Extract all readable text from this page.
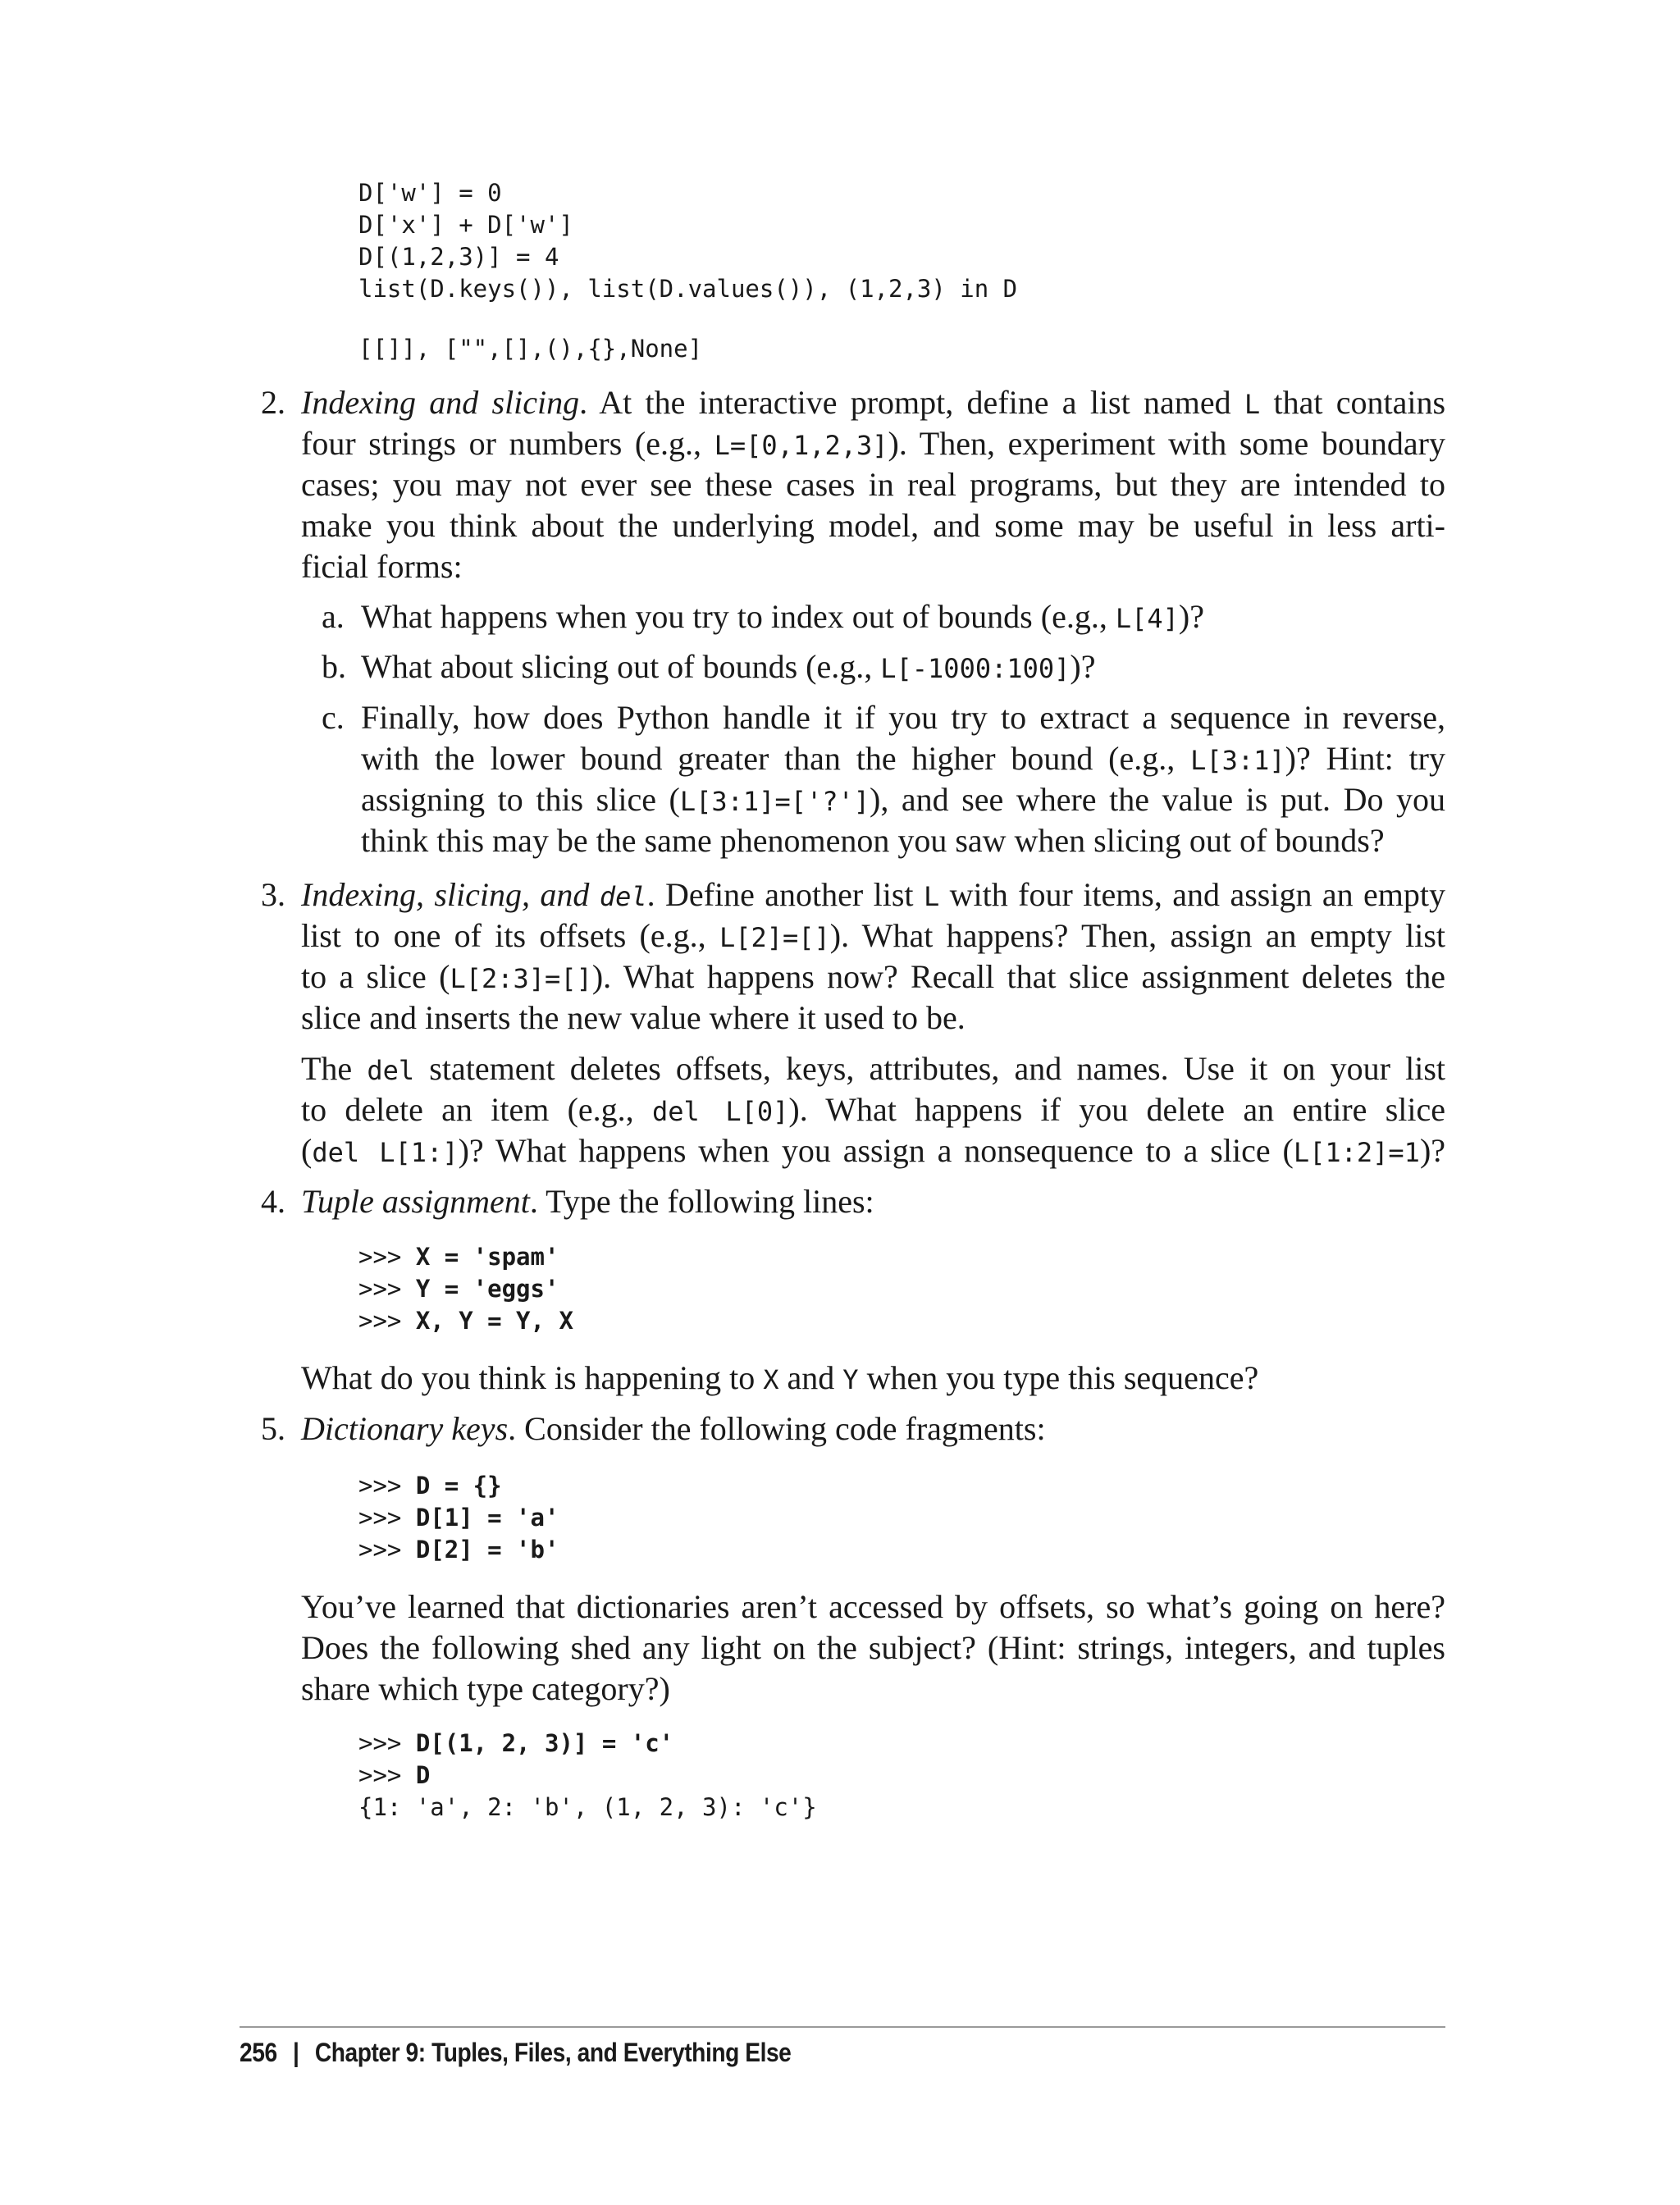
D['w'] = 0
D['x'] + D['w']
D[(1,2,3)] = 4
list(D.keys()), list(D.values()), (1,2,3) in D
[[]], ["",[],(),{},None]
2. Indexing and slicing. At the interactive prompt, define a list named L that contains
four strings or numbers (e.g., L=[0,1,2,3]). Then, experiment with some boundary
cases; you may not ever see these cases in real programs, but they are intended to
make you think about the underlying model, and some may be useful in less arti-
ficial forms:
a. What happens when you try to index out of bounds (e.g., L[4])?
b. What about slicing out of bounds (e.g., L[-1000:100])?
c. Finally, how does Python handle it if you try to extract a sequence in reverse,
with the lower bound greater than the higher bound (e.g., L[3:1])? Hint: try
assigning to this slice (L[3:1]=['?']), and see where the value is put. Do you
think this may be the same phenomenon you saw when slicing out of bounds?
3. Indexing, slicing, and del. Define another list L with four items, and assign an empty
list to one of its offsets (e.g., L[2]=[]). What happens? Then, assign an empty list
to a slice (L[2:3]=[]). What happens now? Recall that slice assignment deletes the
slice and inserts the new value where it used to be.
The del statement deletes offsets, keys, attributes, and names. Use it on your list
to delete an item (e.g., del L[0]). What happens if you delete an entire slice
(del L[1:])? What happens when you assign a nonsequence to a slice (L[1:2]=1)?
4. Tuple assignment. Type the following lines:
>>> X = 'spam'
>>> Y = 'eggs'
>>> X, Y = Y, X
What do you think is happening to X and Y when you type this sequence?
5. Dictionary keys. Consider the following code fragments:
>>> D = {}
>>> D[1] = 'a'
>>> D[2] = 'b'
You’ve learned that dictionaries aren’t accessed by offsets, so what’s going on here?
Does the following shed any light on the subject? (Hint: strings, integers, and tuples
share which type category?)
>>> D[(1, 2, 3)] = 'c'
>>> D
{1: 'a', 2: 'b', (1, 2, 3): 'c'}
256 | Chapter 9: Tuples, Files, and Everything Else
